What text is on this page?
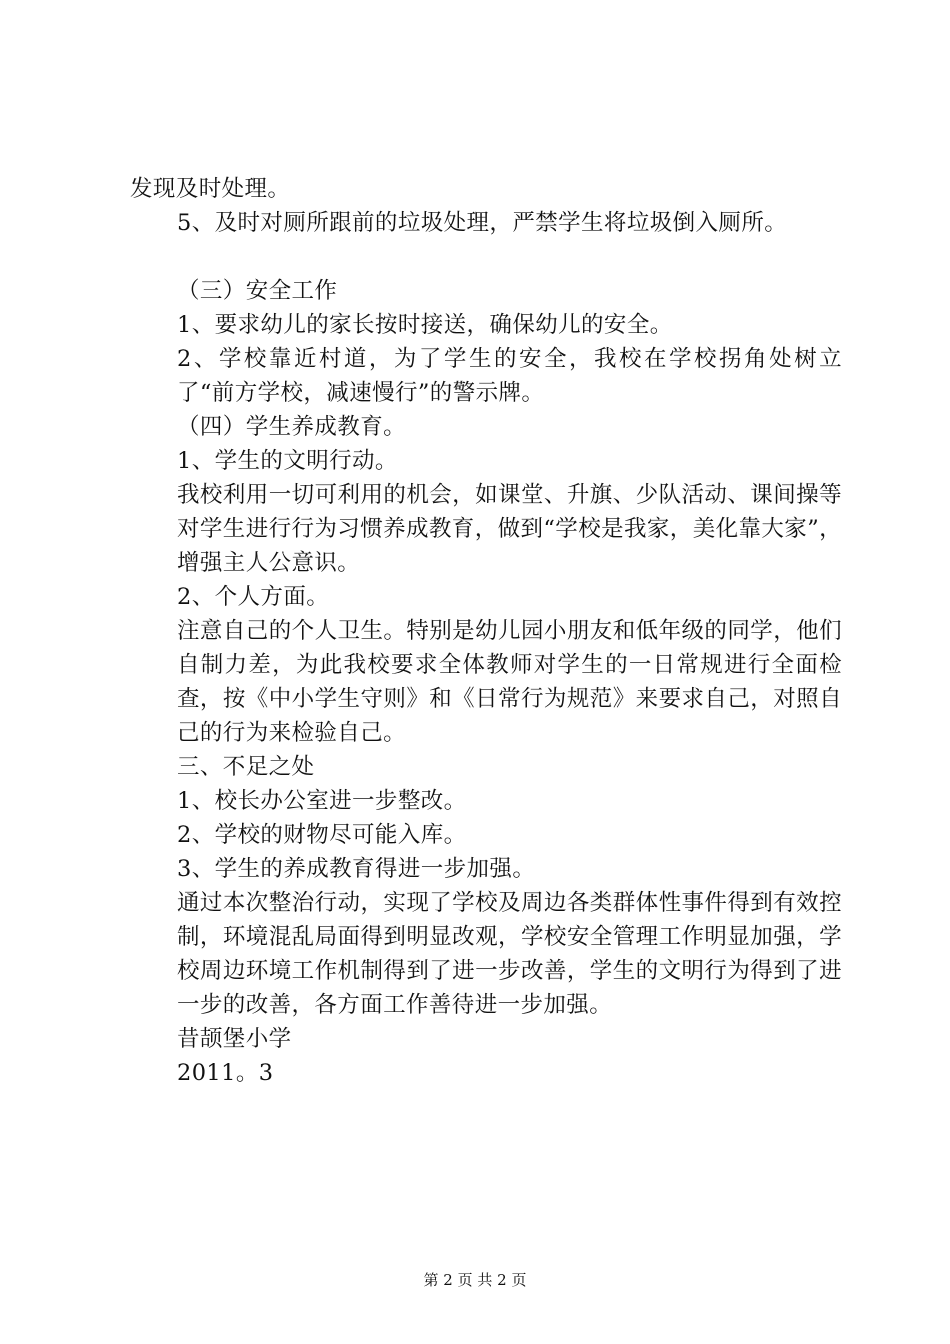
发现及时处理。

5、及时对厕所跟前的垃圾处理，严禁学生将垃圾倒入厕所。

（三）安全工作

1、要求幼儿的家长按时接送，确保幼儿的安全。

2、学校靠近村道，为了学生的安全，我校在学校拐角处树立了“前方学校，减速慢行”的警示牌。

（四）学生养成教育。

1、学生的文明行动。

我校利用一切可利用的机会，如课堂、升旗、少队活动、课间操等对学生进行行为习惯养成教育，做到“学校是我家，美化靠大家”，增强主人公意识。

2、个人方面。

注意自己的个人卫生。特别是幼儿园小朋友和低年级的同学，他们自制力差，为此我校要求全体教师对学生的一日常规进行全面检查，按《中小学生守则》和《日常行为规范》来要求自己，对照自己的行为来检验自己。

三、不足之处

1、校长办公室进一步整改。

2、学校的财物尽可能入库。

3、学生的养成教育得进一步加强。

通过本次整治行动，实现了学校及周边各类群体性事件得到有效控制，环境混乱局面得到明显改观，学校安全管理工作明显加强，学校周边环境工作机制得到了进一步改善，学生的文明行为得到了进一步的改善，各方面工作善待进一步加强。

昔颉堡小学

2011。3

第 2 页 共 2 页
